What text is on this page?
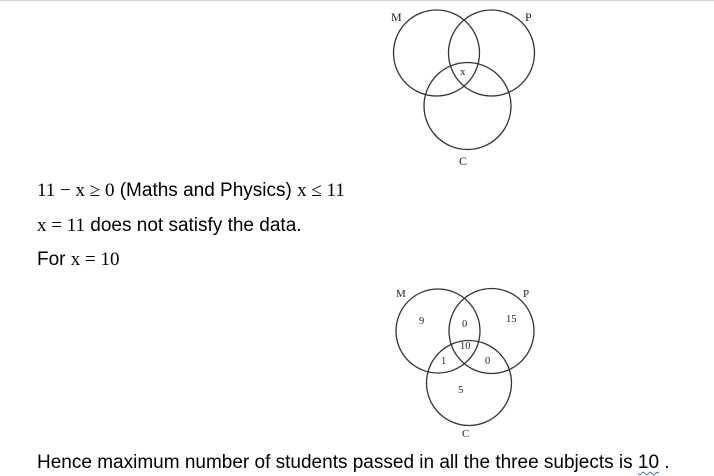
M	P
C
x
11 − x ≥ 0 (Maths and Physics) x ≤ 11
x = 11 does not satisfy the data.
For x = 10
M	P
C
9	15
5
0
1	0
10
Hence maximum number of students passed in all the three subjects is 10 .
